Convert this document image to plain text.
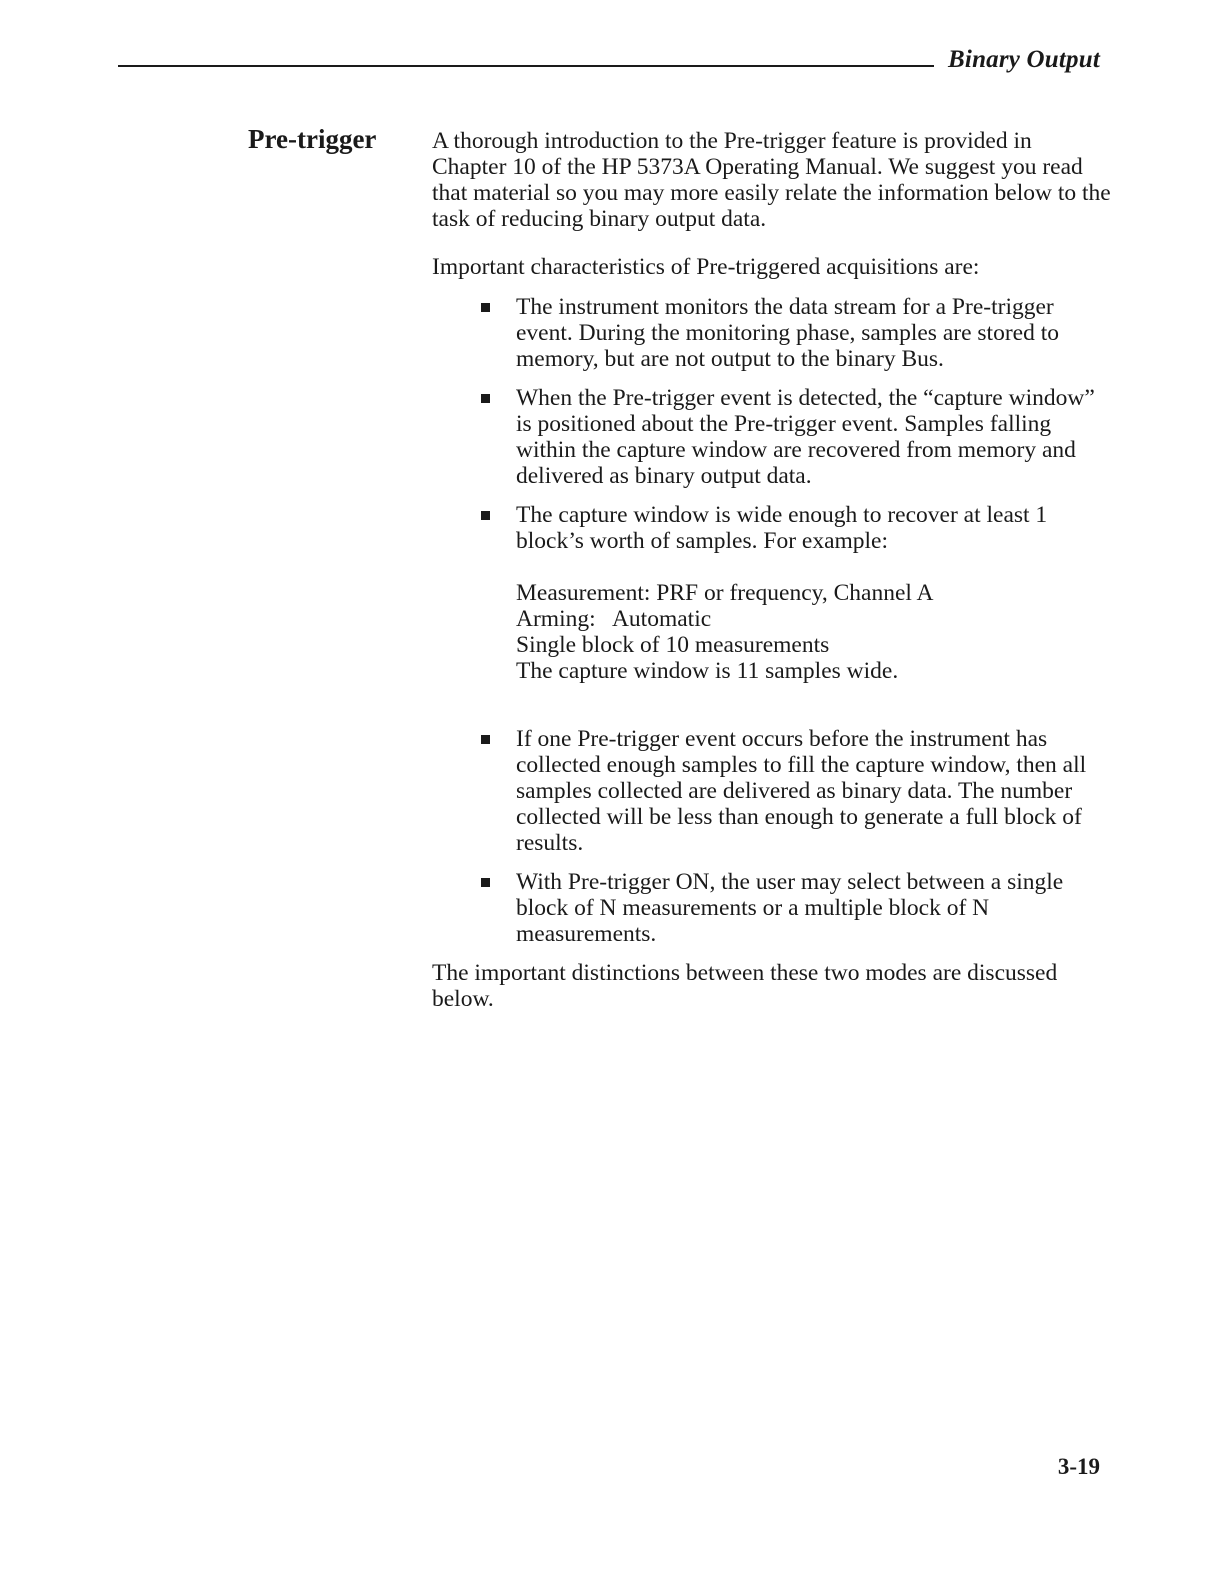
Binary Output
Pre-trigger A thorough introduction to the Pre-trigger feature is provided in Chapter 10 of the HP 5373A Operating Manual. We suggest you read that material so you may more easily relate the information below to the task of reducing binary output data.

Important characteristics of Pre-triggered acquisitions are:

The instrument monitors the data stream for a Pre-trigger event. During the monitoring phase, samples are stored to memory, but are not output to the binary Bus.
When the Pre-trigger event is detected, the “capture window” is positioned about the Pre-trigger event. Samples falling within the capture window are recovered from memory and delivered as binary output data.
The capture window is wide enough to recover at least 1 block’s worth of samples. For example:
Measurement: PRF or frequency, Channel A
Arming:   Automatic
Single block of 10 measurements
The capture window is 11 samples wide.
If one Pre-trigger event occurs before the instrument has collected enough samples to fill the capture window, then all samples collected are delivered as binary data. The number collected will be less than enough to generate a full block of results.
With Pre-trigger ON, the user may select between a single block of N measurements or a multiple block of N measurements.

The important distinctions between these two modes are discussed below.

3-19
